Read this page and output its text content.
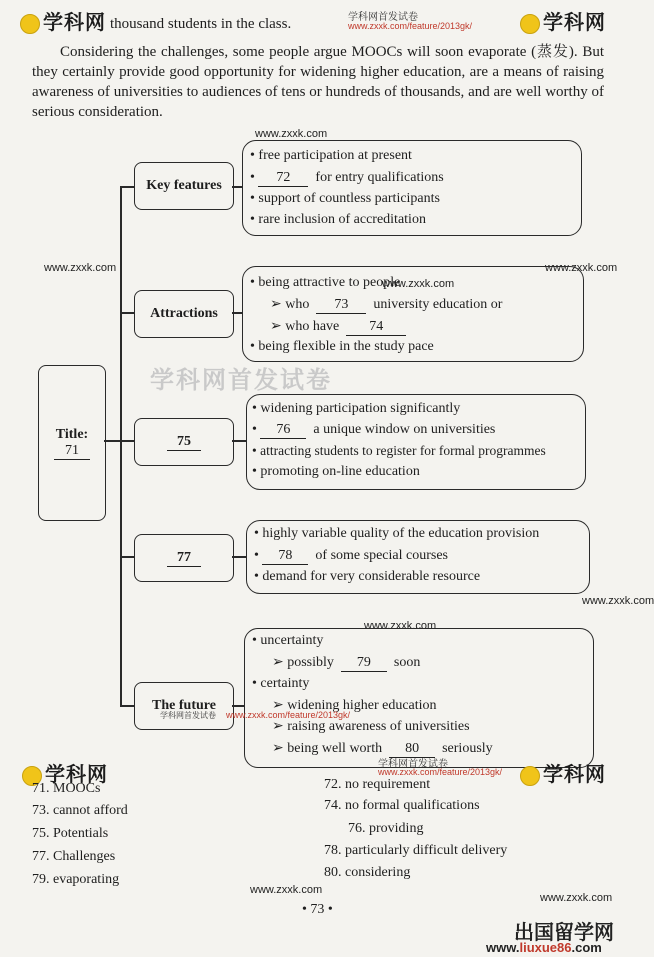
学科网	学科网首发试卷
www.zxxk.com/feature/2013gk/	学科网
thousand students in the class.
Considering the challenges, some people argue MOOCs will soon evaporate (蒸发). But they certainly provide good opportunity for widening higher education, are a means of raising awareness of universities to audiences of tens or hundreds of thousands, and are well worthy of serious consideration.
www.zxxk.com	www.zxxk.com
www.zxxk.com
www.zxxk.com
www.zxxk.com
www.zxxk.com
www.zxxk.com
www.zxxk.com
学科网首发试卷
Title:
71
Key features
Attractions
75
77
The future
• free participation at present
• 72 for entry qualifications
• support of countless participants
• rare inclusion of accreditation
• being attractive to people
➢ who 73 university education or
➢ who have 74
• being flexible in the study pace
• widening participation significantly
• 76 a unique window on universities
• attracting students to register for formal programmes
• promoting on-line education
• highly variable quality of the education provision
• 78 of some special courses
• demand for very considerable resource
• uncertainty
➢ possibly 79 soon
• certainty
➢ widening higher education
➢ raising awareness of universities
➢ being well worth 80 seriously
学科网首发试卷 www.zxxk.com/feature/2013gk/
学科网首发试卷
www.zxxk.com/feature/2013gk/
学科网	学科网
71. MOOCs
73. cannot afford
75. Potentials
77. Challenges
79. evaporating
72. no requirement
74. no formal qualifications
76. providing
78. particularly difficult delivery
80. considering
• 73 •
出国留学网
www.liuxue86.com
